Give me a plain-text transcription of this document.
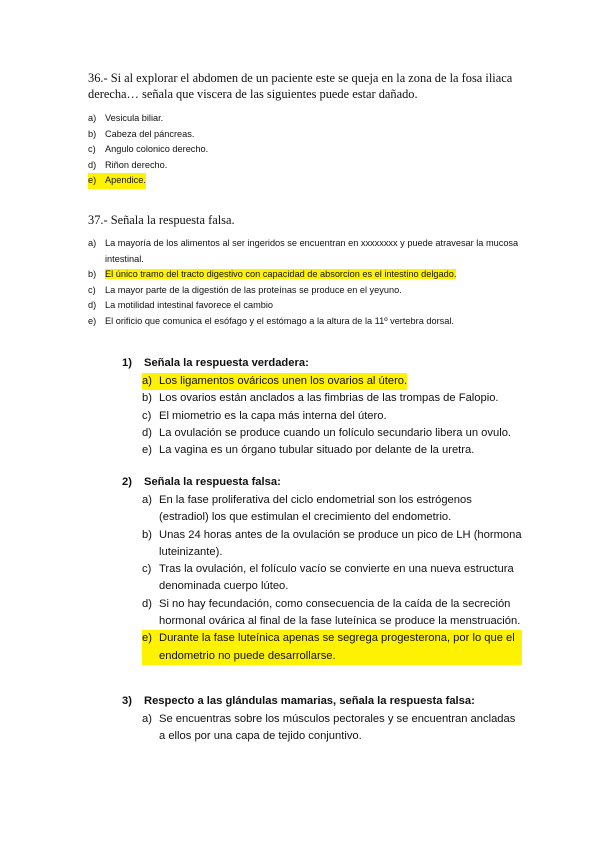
36.- Si al explorar el abdomen de un paciente este se queja en la zona de la fosa iliaca derecha… señala que viscera de las siguientes puede estar dañado.

a) Vesicula biliar.
b) Cabeza del páncreas.
c)	Angulo colonico derecho.
d) Riñon derecho.
e) Apendice.

37.- Señala la respuesta falsa.

a) La mayoría de los alimentos al ser ingeridos se encuentran en xxxxxxxx y puede atravesar la mucosa intestinal.
b) El único tramo del tracto digestivo con capacidad de absorcion es el intestino delgado.
c)	La mayor parte de la digestión de las proteínas se produce en el yeyuno.
d) La motilidad intestinal favorece el cambio
e) El orificio que comunica el esófago y el estómago a la altura de la 11º vertebra dorsal.
1)	Señala la respuesta verdadera:
a) Los ligamentos ováricos unen los ovarios al útero.
b) Los ovarios están anclados a las fimbrias de las trompas de Falopio.
c) El miometrio es la capa más interna del útero.
d) La ovulación se produce cuando un folículo secundario libera un ovulo.
e) La vagina es un órgano tubular situado por delante de la uretra.
2)	Señala la respuesta falsa:
a) En la fase proliferativa del ciclo endometrial son los estrógenos (estradiol) los que estimulan el crecimiento del endometrio.
b) Unas 24 horas antes de la ovulación se produce un pico de LH (hormona luteinizante).
c) Tras la ovulación, el folículo vacío se convierte en una nueva estructura denominada cuerpo lúteo.
d) Si no hay fecundación, como consecuencia de la caída de la secreción hormonal ovárica al final de la fase luteínica se produce la menstruación.
e) Durante la fase luteínica apenas se segrega progesterona, por lo que el endometrio no puede desarrollarse.
3)	Respecto a las glándulas mamarias, señala la respuesta falsa:
a) Se encuentras sobre los músculos pectorales y se encuentran ancladas a ellos por una capa de tejido conjuntivo.
